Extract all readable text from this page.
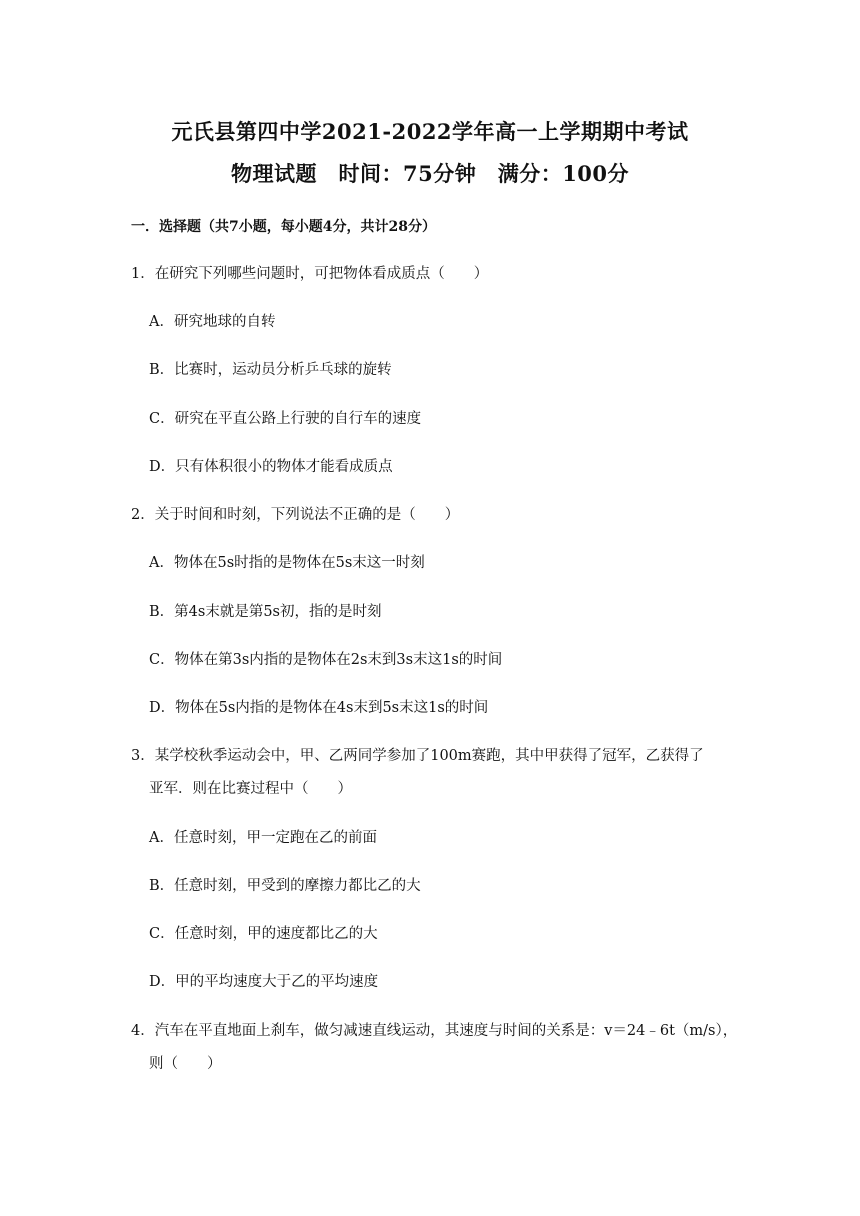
元氏县第四中学2021-2022学年高一上学期期中考试
物理试题　时间：75分钟　满分：100分
一．选择题（共7小题，每小题4分，共计28分）
1．在研究下列哪些问题时，可把物体看成质点（　　）
A．研究地球的自转
B．比赛时，运动员分析乒乓球的旋转
C．研究在平直公路上行驶的自行车的速度
D．只有体积很小的物体才能看成质点
2．关于时间和时刻，下列说法不正确的是（　　）
A．物体在5s时指的是物体在5s末这一时刻
B．第4s末就是第5s初，指的是时刻
C．物体在第3s内指的是物体在2s末到3s末这1s的时间
D．物体在5s内指的是物体在4s末到5s末这1s的时间
3．某学校秋季运动会中，甲、乙两同学参加了100m赛跑，其中甲获得了冠军，乙获得了
亚军．则在比赛过程中（　　）
A．任意时刻，甲一定跑在乙的前面
B．任意时刻，甲受到的摩擦力都比乙的大
C．任意时刻，甲的速度都比乙的大
D．甲的平均速度大于乙的平均速度
4．汽车在平直地面上刹车，做匀减速直线运动，其速度与时间的关系是：v＝24﹣6t（m/s），
则（　　）
